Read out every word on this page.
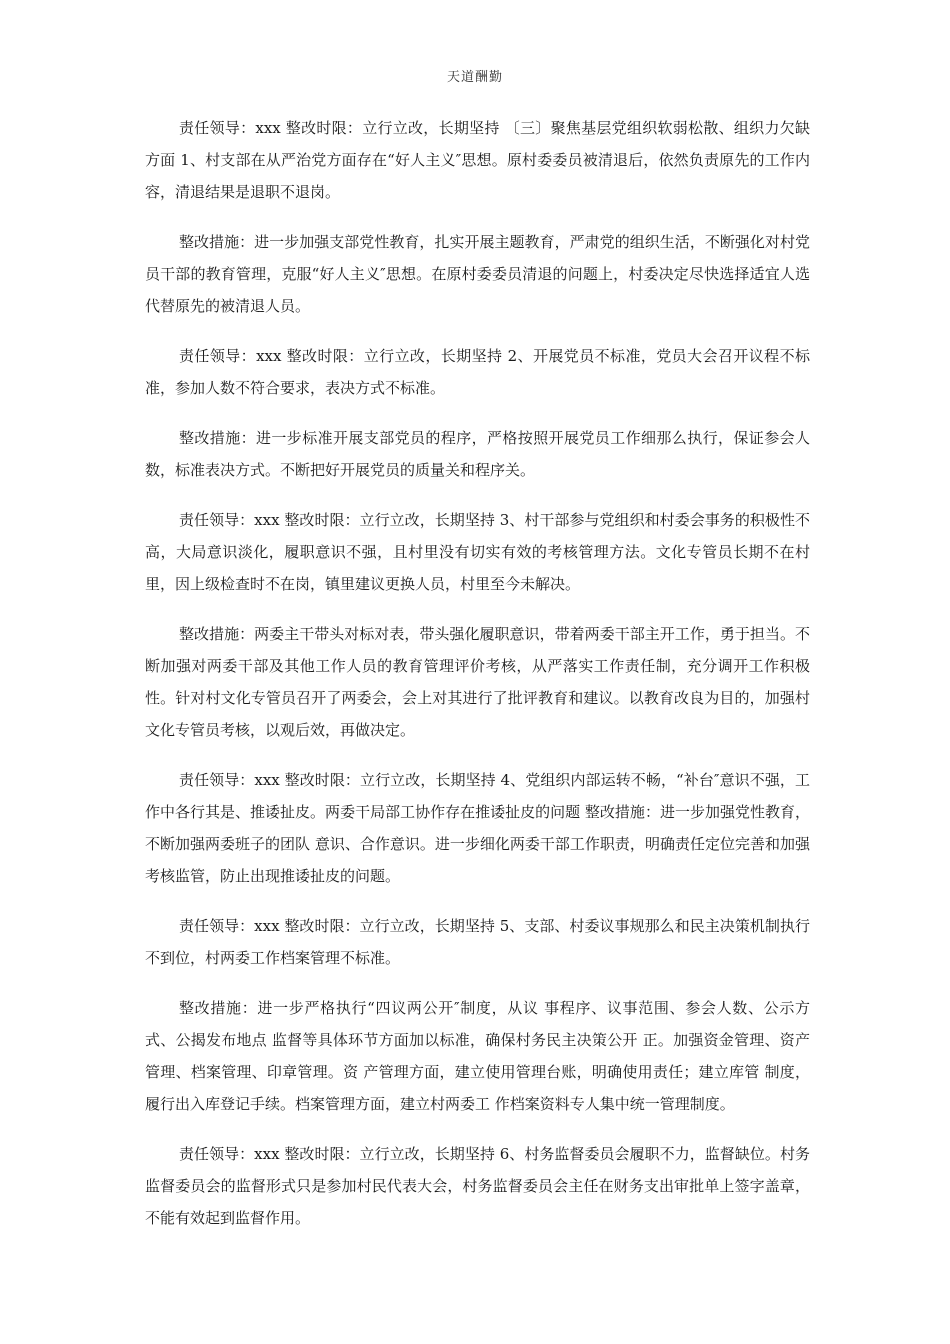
天道酬勤

责任领导：xxx 整改时限：立行立改，长期坚持 〔三〕聚焦基层党组织软弱松散、组织力欠缺方面 1、村支部在从严治党方面存在“好人主义″思想。原村委委员被清退后，依然负责原先的工作内容，清退结果是退职不退岗。

整改措施：进一步加强支部党性教育，扎实开展主题教育，严肃党的组织生活，不断强化对村党员干部的教育管理，克服“好人主义″思想。在原村委委员清退的问题上，村委决定尽快选择适宜人选代替原先的被清退人员。

责任领导：xxx 整改时限：立行立改，长期坚持 2、开展党员不标准，党员大会召开议程不标准，参加人数不符合要求，表决方式不标准。

整改措施：进一步标准开展支部党员的程序，严格按照开展党员工作细那么执行，保证参会人数，标准表决方式。不断把好开展党员的质量关和程序关。

责任领导：xxx 整改时限：立行立改，长期坚持 3、村干部参与党组织和村委会事务的积极性不高，大局意识淡化，履职意识不强，且村里没有切实有效的考核管理方法。文化专管员长期不在村里，因上级检查时不在岗，镇里建议更换人员，村里至今未解决。

整改措施：两委主干带头对标对表，带头强化履职意识，带着两委干部主开工作，勇于担当。不断加强对两委干部及其他工作人员的教育管理评价考核，从严落实工作责任制，充分调开工作积极性。针对村文化专管员召开了两委会，会上对其进行了批评教育和建议。以教育改良为目的，加强村文化专管员考核，以观后效，再做决定。

责任领导：xxx 整改时限：立行立改，长期坚持 4、党组织内部运转不畅，“补台″意识不强，工作中各行其是、推诿扯皮。两委干局部工协作存在推诿扯皮的问题 整改措施：进一步加强党性教育，不断加强两委班子的团队 意识、合作意识。进一步细化两委干部工作职责，明确责任定位完善和加强考核监管，防止出现推诿扯皮的问题。

责任领导：xxx 整改时限：立行立改，长期坚持 5、支部、村委议事规那么和民主决策机制执行不到位，村两委工作档案管理不标准。

整改措施：进一步严格执行“四议两公开″制度，从议 事程序、议事范围、参会人数、公示方式、公揭发布地点 监督等具体环节方面加以标准，确保村务民主决策公开 正。加强资金管理、资产管理、档案管理、印章管理。资 产管理方面，建立使用管理台账，明确使用责任；建立库管 制度，履行出入库登记手续。档案管理方面，建立村两委工 作档案资料专人集中统一管理制度。

责任领导：xxx 整改时限：立行立改，长期坚持 6、村务监督委员会履职不力，监督缺位。村务监督委员会的监督形式只是参加村民代表大会，村务监督委员会主任在财务支出审批单上签字盖章，不能有效起到监督作用。
